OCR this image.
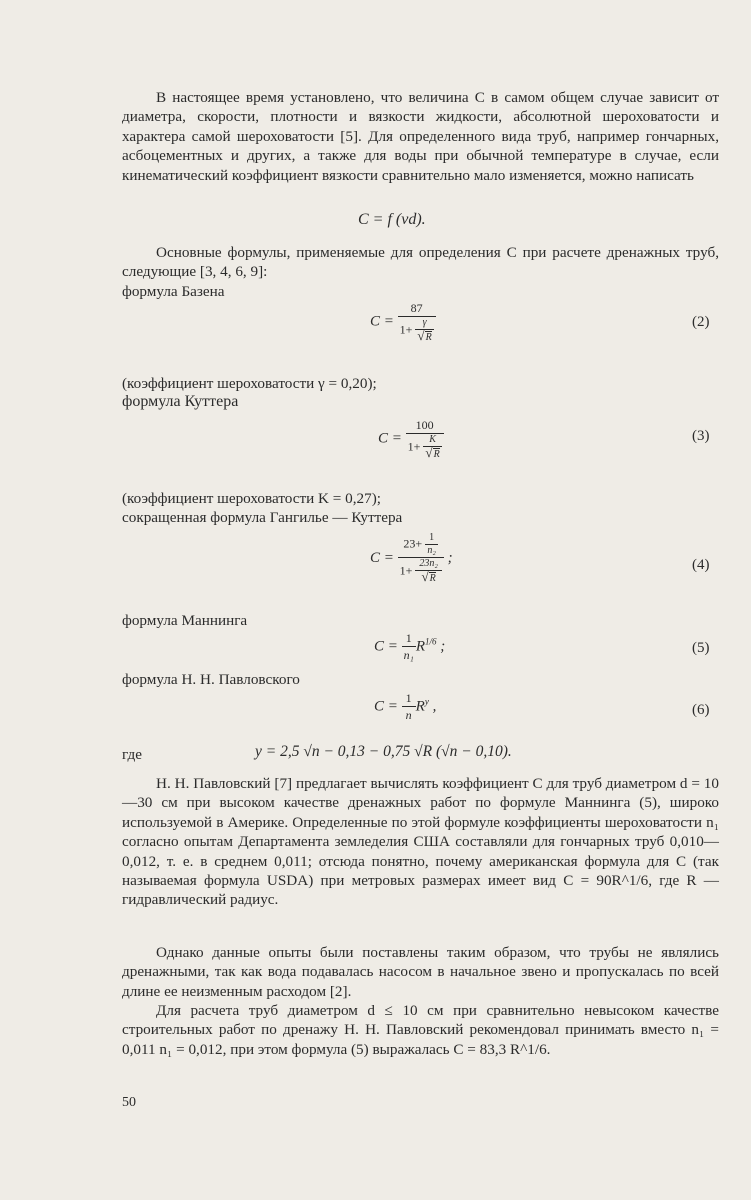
В настоящее время установлено, что величина C в самом общем случае зависит от диаметра, скорости, плотности и вязкости жидкости, абсолютной шероховатости и характера самой шероховатости [5]. Для определенного вида труб, например гончарных, асбоцементных и других, а также для воды при обычной температуре в случае, если кинематический коэффициент вязкости сравнительно мало изменяется, можно написать

C = f (vd).

Основные формулы, применяемые для определения C при расчете дренажных труб, следующие [3, 4, 6, 9]:

формула Базена
$C = \frac{87}{1+ \frac{\gamma}{√R}}$	(2)
(коэффициент шероховатости γ = 0,20);
формула Куттера
$C = \frac{100}{1+ \frac{K}{√R}}$	(3)
(коэффициент шероховатости K = 0,27);
сокращенная формула Гангилье — Куттера
$C = \frac{23+ \frac{1}{\text{n₂}}}{1+ \frac{\text{23n₂}}{√R}}$ ;	(4)
формула Маннинга
$C = \frac{1}{\text{n₁}} R^{1/6}$ ;	(5)
формула Н. Н. Павловского
$C = \frac{1}{n} R^y$ ,	(6)
где	y = 2,5 √n − 0,13 − 0,75 √R (√n − 0,10).

Н. Н. Павловский [7] предлагает вычислять коэффициент C для труб диаметром d = 10—30 см при высоком качестве дренажных работ по формуле Маннинга (5), широко используемой в Америке. Определенные по этой формуле коэффициенты шероховатости n₁ согласно опытам Департамента земледелия США составляли для гончарных труб 0,010—0,012, т. е. в среднем 0,011; отсюда понятно, почему американская формула для C (так называемая формула USDA) при метровых размерах имеет вид C = 90R^1/6, где R — гидравлический радиус.

Однако данные опыты были поставлены таким образом, что трубы не являлись дренажными, так как вода подавалась насосом в начальное звено и пропускалась по всей длине ее неизменным расходом [2].

Для расчета труб диаметром d ≤ 10 см при сравнительно невысоком качестве строительных работ по дренажу Н. Н. Павловский рекомендовал принимать вместо n₁ = 0,011 n₁ = 0,012, при этом формула (5) выражалась C = 83,3 R^1/6.

50
